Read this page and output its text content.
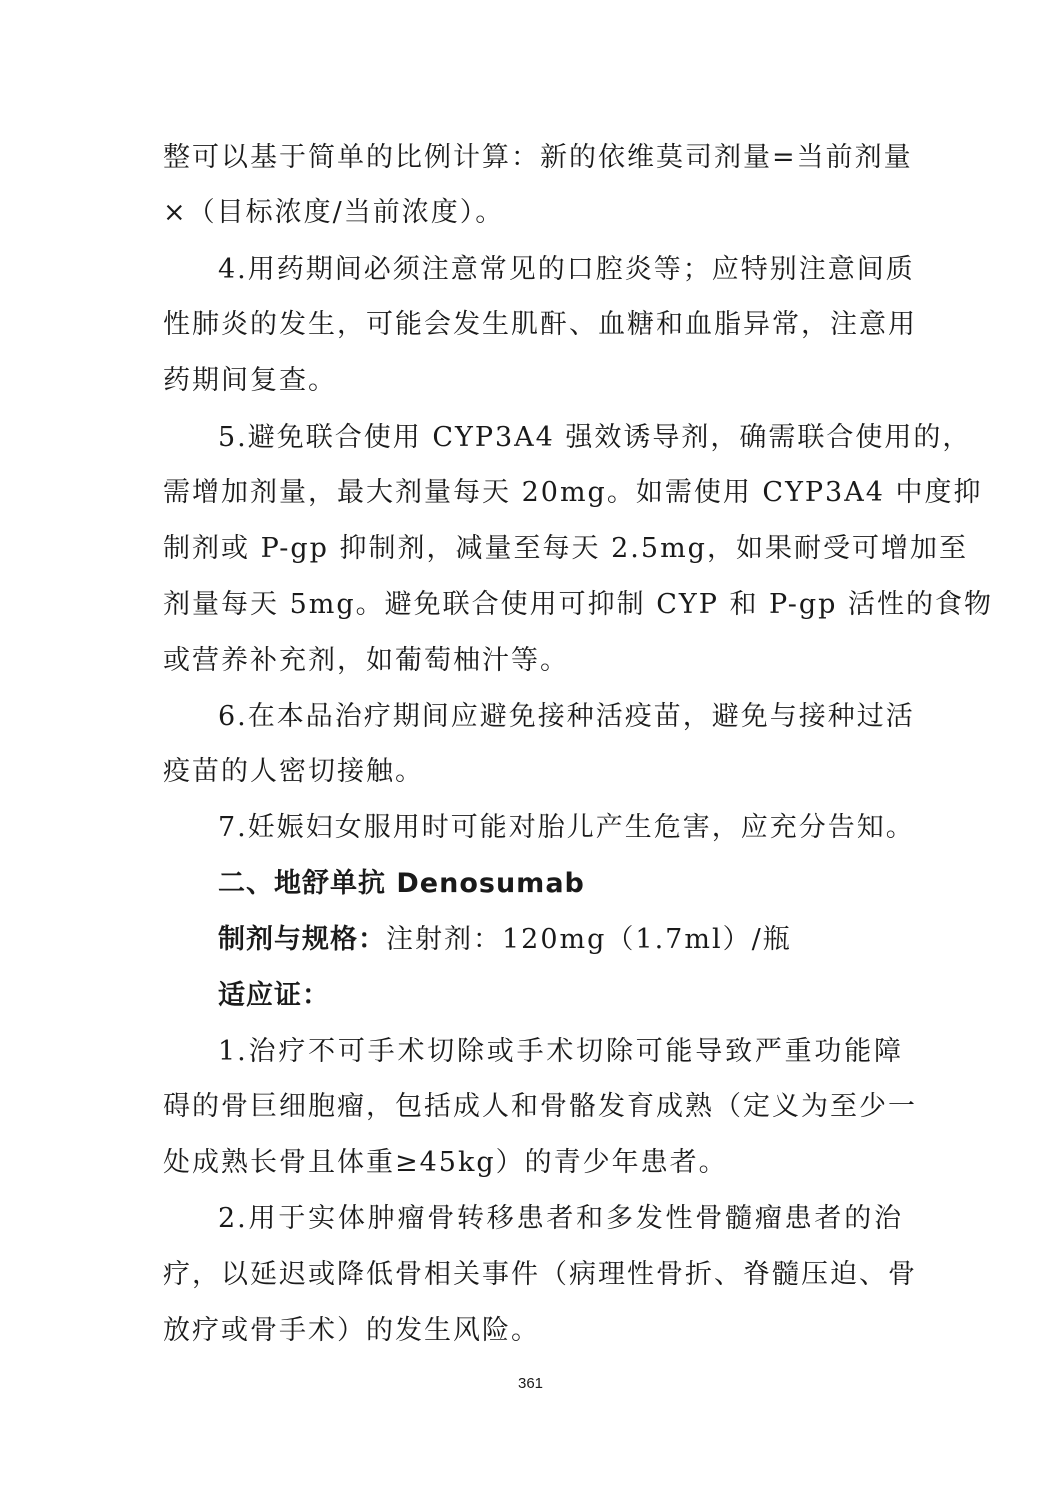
整可以基于简单的比例计算：新的依维莫司剂量=当前剂量
×（目标浓度/当前浓度）。
4.用药期间必须注意常见的口腔炎等；应特别注意间质
性肺炎的发生，可能会发生肌酐、血糖和血脂异常，注意用
药期间复查。
5.避免联合使用 CYP3A4 强效诱导剂，确需联合使用的，
需增加剂量，最大剂量每天 20mg。如需使用 CYP3A4 中度抑
制剂或 P-gp 抑制剂，减量至每天 2.5mg，如果耐受可增加至
剂量每天 5mg。避免联合使用可抑制 CYP 和 P-gp 活性的食物
或营养补充剂，如葡萄柚汁等。
6.在本品治疗期间应避免接种活疫苗，避免与接种过活
疫苗的人密切接触。
7.妊娠妇女服用时可能对胎儿产生危害，应充分告知。
二、地舒单抗 Denosumab
制剂与规格：注射剂：120mg（1.7ml）/瓶
适应证：
1.治疗不可手术切除或手术切除可能导致严重功能障
碍的骨巨细胞瘤，包括成人和骨骼发育成熟（定义为至少一
处成熟长骨且体重≥45kg）的青少年患者。
2.用于实体肿瘤骨转移患者和多发性骨髓瘤患者的治
疗，以延迟或降低骨相关事件（病理性骨折、脊髓压迫、骨
放疗或骨手术）的发生风险。
361
